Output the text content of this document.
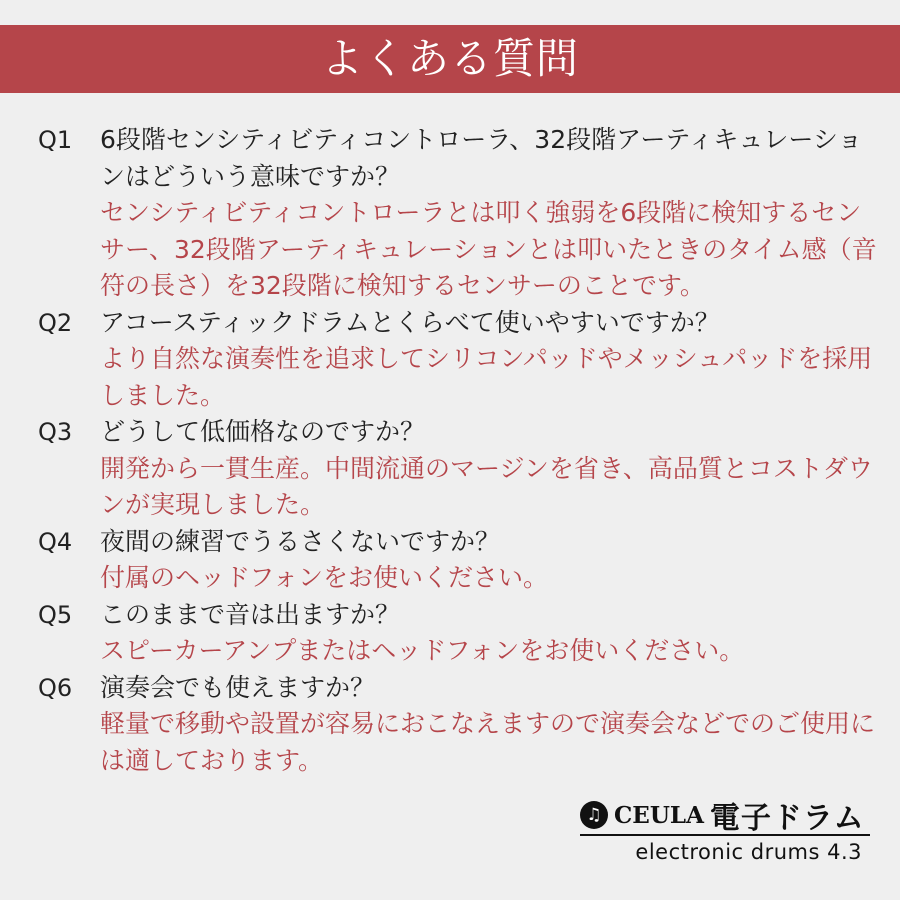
よくある質問
Q1	6段階センシティビティコントローラ、32段階アーティキュレーションはどういう意味ですか？

センシティビティコントローラとは叩く強弱を6段階に検知するセンサー、32段階アーティキュレーションとは叩いたときのタイム感（音符の長さ）を32段階に検知するセンサーのことです。

Q2	アコースティックドラムとくらべて使いやすいですか？

より自然な演奏性を追求してシリコンパッドやメッシュパッドを採用しました。

Q3	どうして低価格なのですか？

開発から一貫生産。中間流通のマージンを省き、高品質とコストダウンが実現しました。

Q4	夜間の練習でうるさくないですか？

付属のヘッドフォンをお使いください。

Q5	このままで音は出ますか？

スピーカーアンプまたはヘッドフォンをお使いください。

Q6	演奏会でも使えますか？

軽量で移動や設置が容易におこなえますので演奏会などでのご使用には適しております。

♫ CEULA 電子ドラム
electronic drums 4.3
